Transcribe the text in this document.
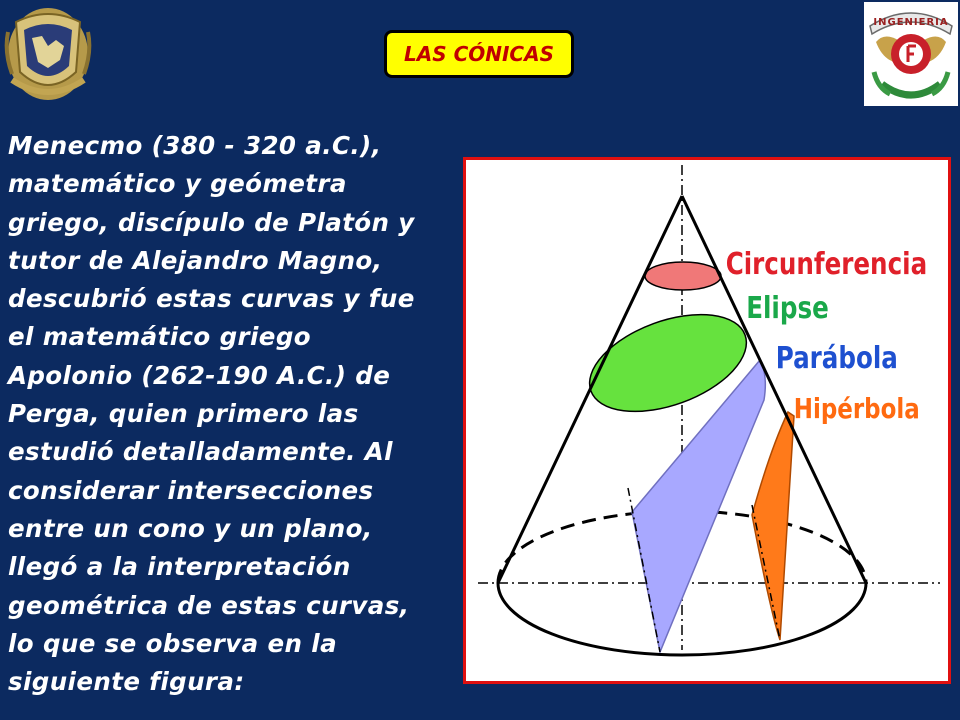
INGENIERIA
LAS CÓNICAS
Menecmo (380 - 320 a.C.),
matemático y geómetra
griego, discípulo de Platón y
tutor de Alejandro Magno,
descubrió estas curvas y fue
el matemático griego
Apolonio (262-190 A.C.) de
Perga, quien primero las
estudió detalladamente. Al
considerar intersecciones
entre un cono y un plano,
llegó a la interpretación
geométrica de estas curvas,
lo que se observa en la
siguiente figura:
Circunferencia
Elipse
Parábola
Hipérbola
